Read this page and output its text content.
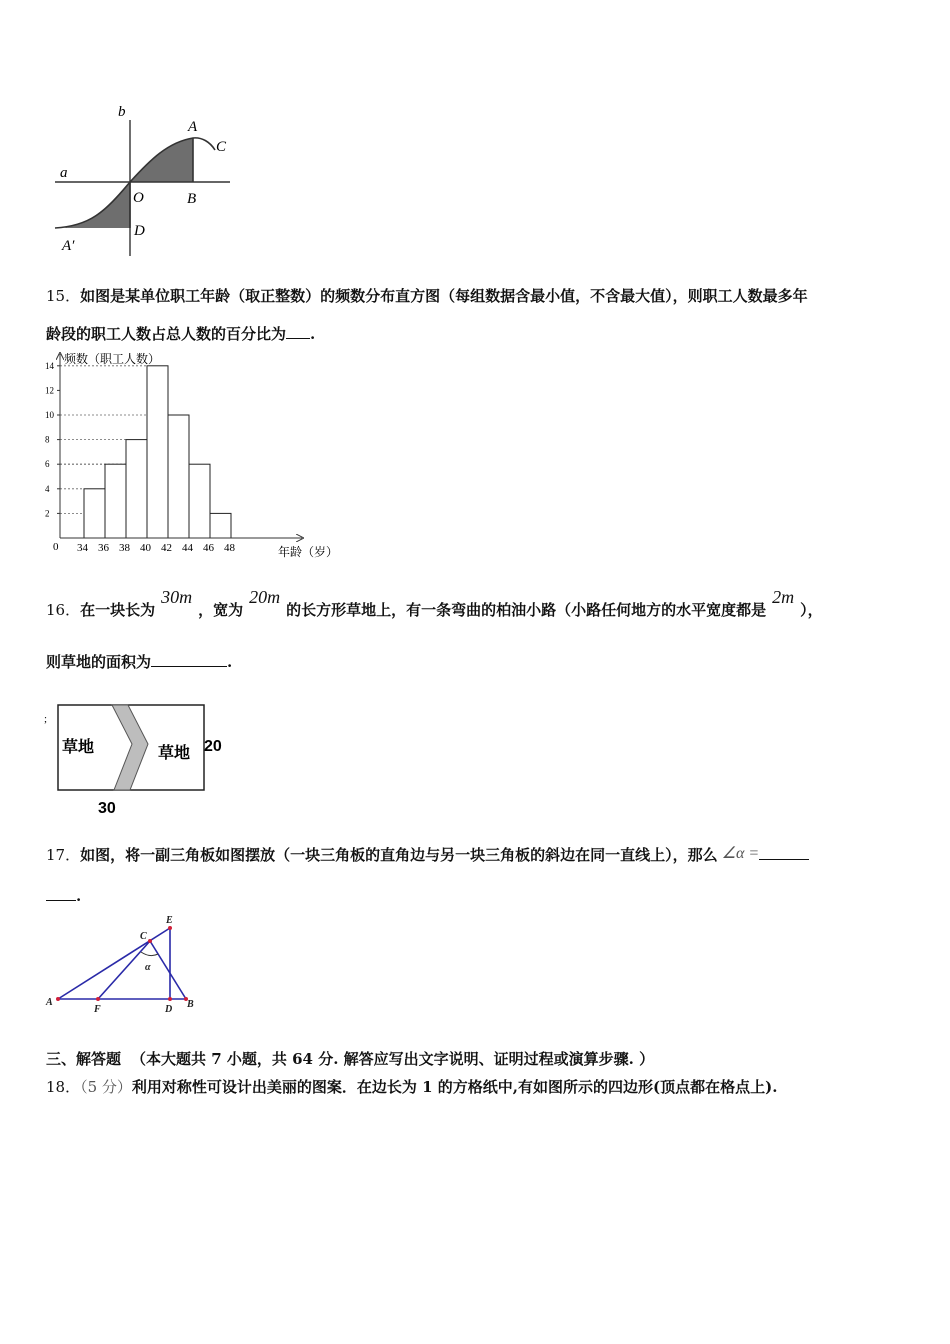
b
a
A
C
O	B
D
A′
15．如图是某单位职工年龄（取正整数）的频数分布直方图（每组数据含最小值，不含最大值），则职工人数最多年
龄段的职工人数占总人数的百分比为 .
2
4
6
8
10
12
14
34 36 38 40 42 44 46 48
频数（职工人数）
年龄（岁）
0
16．在一块长为30m，宽为20m的长方形草地上，有一条弯曲的柏油小路（小路任何地方的水平宽度都是2m），
则草地的面积为	.
草地	草地 20
30
;
17．如图，将一副三角板如图摆放（一块三角板的直角边与另一块三角板的斜边在同一直线上），那么 ∠α =
.
A
F	D B
C
E
α
三、解答题 （本大题共 7 小题，共 64 分. 解答应写出文字说明、证明过程或演算步骤. ）
18．（5 分）利用对称性可设计出美丽的图案．在边长为 1 的方格纸中,有如图所示的四边形(顶点都在格点上).
